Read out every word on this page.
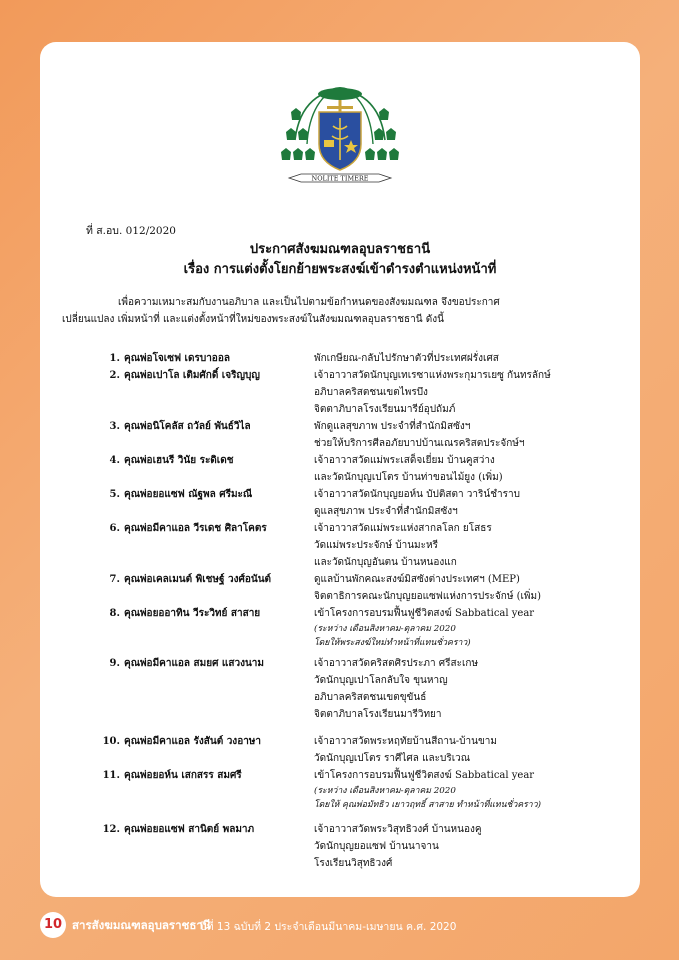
NOLITE TIMERE
ที่ ส.อบ. 012/2020
ประกาศสังฆมณฑลอุบลราชธานี
เรื่อง การแต่งตั้งโยกย้ายพระสงฆ์เข้าดำรงตำแหน่งหน้าที่
เพื่อความเหมาะสมกับงานอภิบาล และเป็นไปตามข้อกำหนดของสังฆมณฑล จึงขอประกาศ
เปลี่ยนแปลง เพิ่มหน้าที่ และแต่งตั้งหน้าที่ใหม่ของพระสงฆ์ในสังฆมณฑลอุบลราชธานี ดังนี้
1. คุณพ่อโจเซฟ เดรบาออล	พักเกษียณ-กลับไปรักษาตัวที่ประเทศฝรั่งเศส
2. คุณพ่อเปาโล เติมศักดิ์ เจริญบุญ	เจ้าอาวาสวัดนักบุญเทเรซาแห่งพระกุมารเยซู กันทรลักษ์
อภิบาลคริสตชนเขตไพรบึง
จิตตาภิบาลโรงเรียนมารีย์อุปถัมภ์
3. คุณพ่อนิโคลัส ถวัลย์ พันธ์วิไล	พักดูแลสุขภาพ ประจำที่สำนักมิสซังฯ
ช่วยให้บริการศีลอภัยบาปบ้านเณรคริสตประจักษ์ฯ
4. คุณพ่อเฮนรี วินัย ระดิเดช	เจ้าอาวาสวัดแม่พระเสด็จเยี่ยม บ้านคูสว่าง
และวัดนักบุญเปโตร บ้านท่าขอนไม้ยูง (เพิ่ม)
5. คุณพ่อยอแซฟ ณัฐพล ศรีมะณี	เจ้าอาวาสวัดนักบุญยอห์น บัปติสตา วาริน์ชำราบ
ดูแลสุขภาพ ประจำที่สำนักมิสซังฯ
6. คุณพ่อมีคาแอล วีรเดช ศิลาโคตร	เจ้าอาวาสวัดแม่พระแห่งสากลโลก ยโสธร
วัดแม่พระประจักษ์ บ้านมะหรี
และวัดนักบุญอันตน บ้านหนองแก
7. คุณพ่อเคลเมนต์ พิเชษฐ์ วงศ์อนันต์	ดูแลบ้านพักคณะสงฆ์มิสซังต่างประเทศฯ (MEP)
จิตตาธิการคณะนักบุญยอแซฟแห่งการประจักษ์ (เพิ่ม)
8. คุณพ่อยออาทิน วีระวิทย์ สาสาย	เข้าโครงการอบรมฟื้นฟูชีวิตสงฆ์ Sabbatical year
(ระหว่าง เดือนสิงหาคม-ตุลาคม 2020
โดยให้พระสงฆ์ใหม่ทำหน้าที่แทนชั่วคราว)
9. คุณพ่อมีคาแอล สมยศ แสวงนาม	เจ้าอาวาสวัดคริสตศิรประภา ศรีสะเกษ
วัดนักบุญเปาโลกลับใจ ขุนหาญ
อภิบาลคริสตชนเขตขุขันธ์
จิตตาภิบาลโรงเรียนมารีวิทยา
10. คุณพ่อมีคาแอล รังสันต์ วงอาษา	เจ้าอาวาสวัดพระหฤทัยบ้านสีถาน-บ้านขาม
วัดนักบุญเปโตร ราศีไศล และบริเวณ
11. คุณพ่อยอห์น เสกสรร สมศรี	เข้าโครงการอบรมฟื้นฟูชีวิตสงฆ์ Sabbatical year
(ระหว่าง เดือนสิงหาคม-ตุลาคม 2020
โดยให้ คุณพ่อมัทธิว เยาวฤทธิ์ สาสาย ทำหน้าที่แทนชั่วคราว)
12. คุณพ่อยอแซฟ สานิตย์ พลมาภ	เจ้าอาวาสวัดพระวิสุทธิวงศ์ บ้านหนองคู
วัดนักบุญยอแซฟ บ้านนาจาน
โรงเรียนวิสุทธิวงศ์
10 สารสังฆมณฑลอุบลราชธานี
ปีที่ 13 ฉบับที่ 2 ประจำเดือนมีนาคม-เมษายน ค.ศ. 2020
